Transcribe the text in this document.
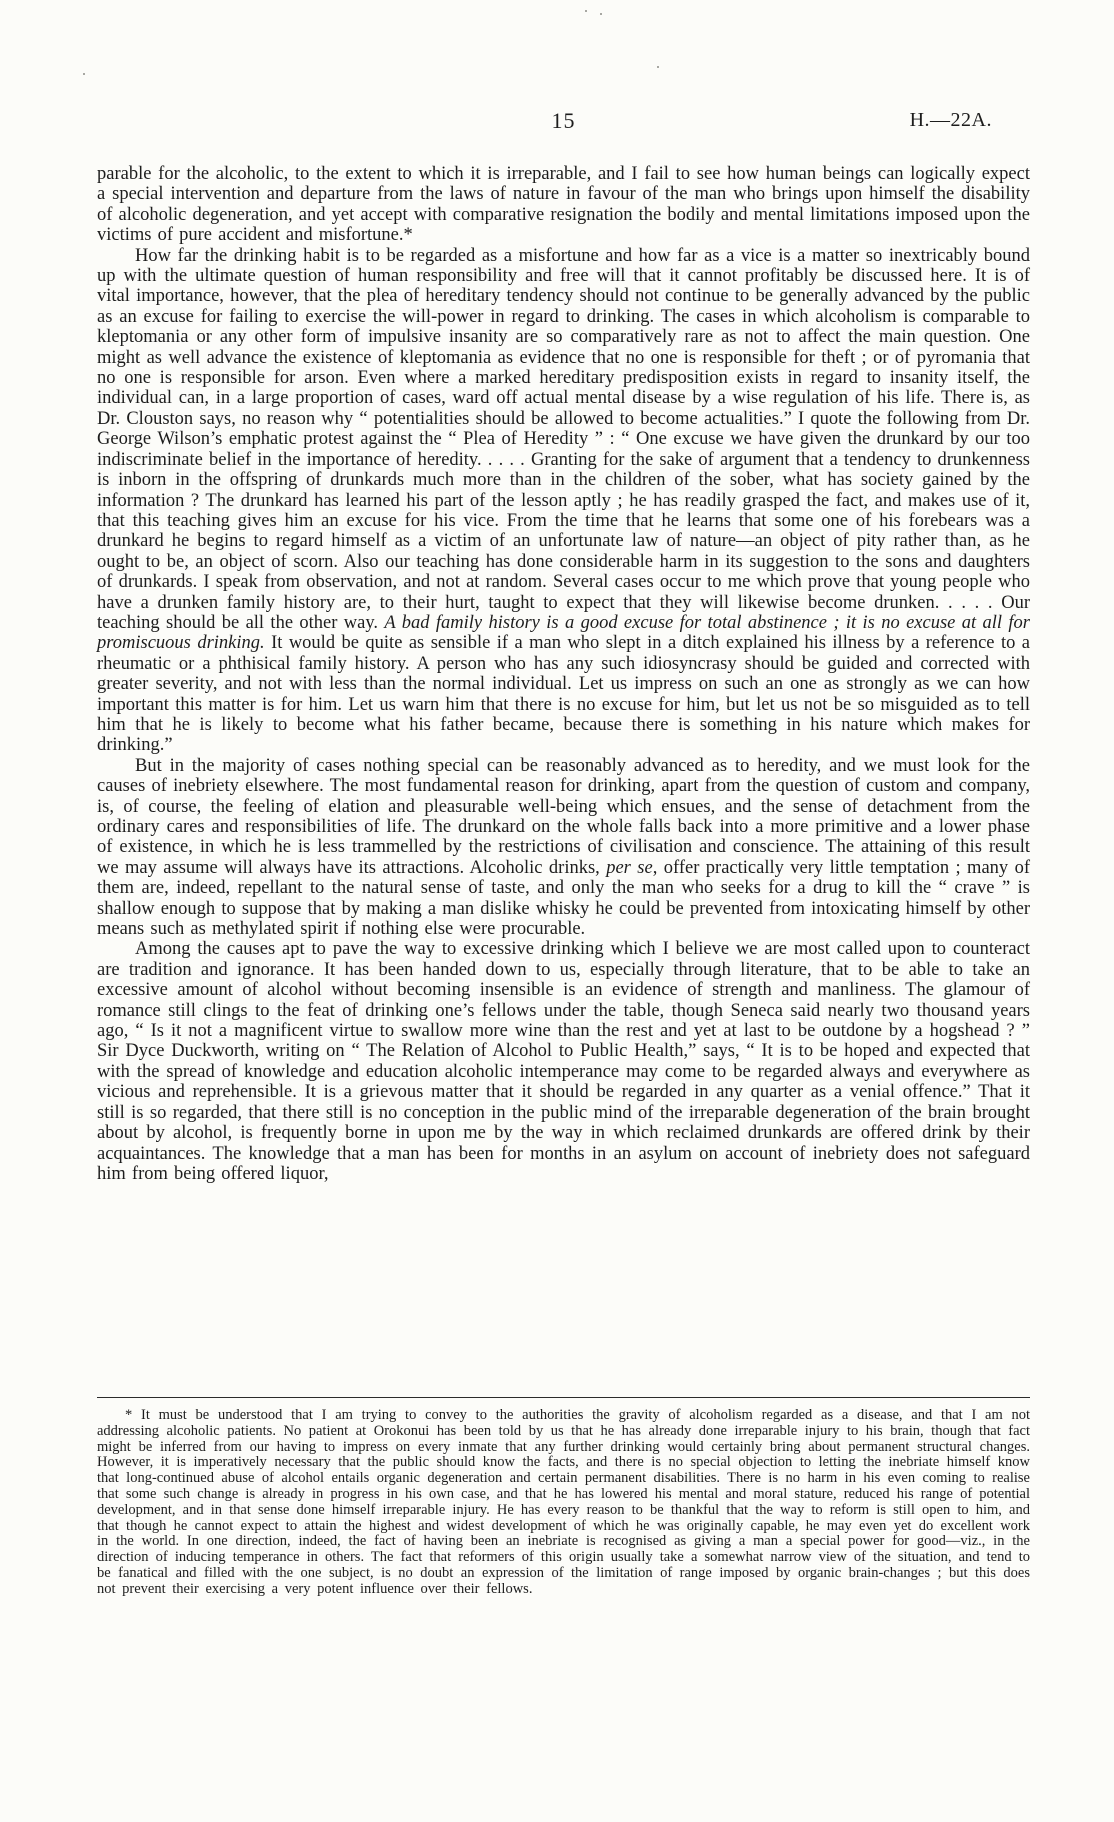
15	H.—22A.

parable for the alcoholic, to the extent to which it is irreparable, and I fail to see how human beings can logically expect a special intervention and departure from the laws of nature in favour of the man who brings upon himself the disability of alcoholic degeneration, and yet accept with comparative resignation the bodily and mental limitations imposed upon the victims of pure accident and misfortune.*

How far the drinking habit is to be regarded as a misfortune and how far as a vice is a matter so inextricably bound up with the ultimate question of human responsibility and free will that it cannot profitably be discussed here. It is of vital importance, however, that the plea of hereditary tendency should not continue to be generally advanced by the public as an excuse for failing to exercise the will-power in regard to drinking. The cases in which alcoholism is comparable to kleptomania or any other form of impulsive insanity are so comparatively rare as not to affect the main question. One might as well advance the existence of kleptomania as evidence that no one is responsible for theft ; or of pyromania that no one is responsible for arson. Even where a marked hereditary predisposition exists in regard to insanity itself, the individual can, in a large proportion of cases, ward off actual mental disease by a wise regulation of his life. There is, as Dr. Clouston says, no reason why “ potentialities should be allowed to become actualities.” I quote the following from Dr. George Wilson’s emphatic protest against the “ Plea of Heredity ” : “ One excuse we have given the drunkard by our too indiscriminate belief in the importance of heredity. . . . . Granting for the sake of argument that a tendency to drunkenness is inborn in the offspring of drunkards much more than in the children of the sober, what has society gained by the information ? The drunkard has learned his part of the lesson aptly ; he has readily grasped the fact, and makes use of it, that this teaching gives him an excuse for his vice. From the time that he learns that some one of his forebears was a drunkard he begins to regard himself as a victim of an unfortunate law of nature—an object of pity rather than, as he ought to be, an object of scorn. Also our teaching has done considerable harm in its suggestion to the sons and daughters of drunkards. I speak from observation, and not at random. Several cases occur to me which prove that young people who have a drunken family history are, to their hurt, taught to expect that they will likewise become drunken. . . . . Our teaching should be all the other way. A bad family history is a good excuse for total abstinence ; it is no excuse at all for promiscuous drinking. It would be quite as sensible if a man who slept in a ditch explained his illness by a reference to a rheumatic or a phthisical family history. A person who has any such idiosyncrasy should be guided and corrected with greater severity, and not with less than the normal individual. Let us impress on such an one as strongly as we can how important this matter is for him. Let us warn him that there is no excuse for him, but let us not be so misguided as to tell him that he is likely to become what his father became, because there is something in his nature which makes for drinking.”

But in the majority of cases nothing special can be reasonably advanced as to heredity, and we must look for the causes of inebriety elsewhere. The most fundamental reason for drinking, apart from the question of custom and company, is, of course, the feeling of elation and pleasurable well-being which ensues, and the sense of detachment from the ordinary cares and responsibilities of life. The drunkard on the whole falls back into a more primitive and a lower phase of existence, in which he is less trammelled by the restrictions of civilisation and conscience. The attaining of this result we may assume will always have its attractions. Alcoholic drinks, per se, offer practically very little temptation ; many of them are, indeed, repellant to the natural sense of taste, and only the man who seeks for a drug to kill the “ crave ” is shallow enough to suppose that by making a man dislike whisky he could be prevented from intoxicating himself by other means such as methylated spirit if nothing else were procurable.

Among the causes apt to pave the way to excessive drinking which I believe we are most called upon to counteract are tradition and ignorance. It has been handed down to us, especially through literature, that to be able to take an excessive amount of alcohol without becoming insensible is an evidence of strength and manliness. The glamour of romance still clings to the feat of drinking one’s fellows under the table, though Seneca said nearly two thousand years ago, “ Is it not a magnificent virtue to swallow more wine than the rest and yet at last to be outdone by a hogshead ? ” Sir Dyce Duckworth, writing on “ The Relation of Alcohol to Public Health,” says, “ It is to be hoped and expected that with the spread of knowledge and education alcoholic intemperance may come to be regarded always and everywhere as vicious and reprehensible. It is a grievous matter that it should be regarded in any quarter as a venial offence.” That it still is so regarded, that there still is no conception in the public mind of the irreparable degeneration of the brain brought about by alcohol, is frequently borne in upon me by the way in which reclaimed drunkards are offered drink by their acquaintances. The knowledge that a man has been for months in an asylum on account of inebriety does not safeguard him from being offered liquor,

* It must be understood that I am trying to convey to the authorities the gravity of alcoholism regarded as a disease, and that I am not addressing alcoholic patients. No patient at Orokonui has been told by us that he has already done irreparable injury to his brain, though that fact might be inferred from our having to impress on every inmate that any further drinking would certainly bring about permanent structural changes. However, it is imperatively necessary that the public should know the facts, and there is no special objection to letting the inebriate himself know that long-continued abuse of alcohol entails organic degeneration and certain permanent disabilities. There is no harm in his even coming to realise that some such change is already in progress in his own case, and that he has lowered his mental and moral stature, reduced his range of potential development, and in that sense done himself irreparable injury. He has every reason to be thankful that the way to reform is still open to him, and that though he cannot expect to attain the highest and widest development of which he was originally capable, he may even yet do excellent work in the world. In one direction, indeed, the fact of having been an inebriate is recognised as giving a man a special power for good—viz., in the direction of inducing temperance in others. The fact that reformers of this origin usually take a somewhat narrow view of the situation, and tend to be fanatical and filled with the one subject, is no doubt an expression of the limitation of range imposed by organic brain-changes ; but this does not prevent their exercising a very potent influence over their fellows.
